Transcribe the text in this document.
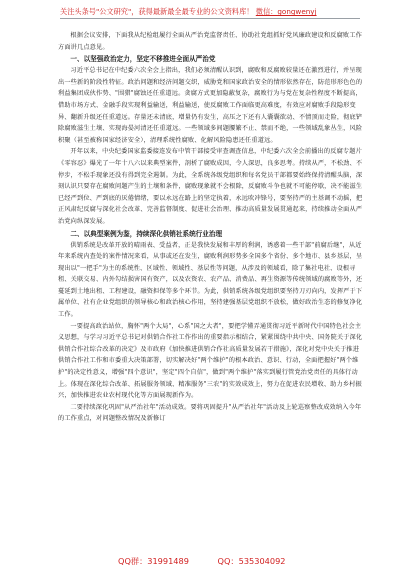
关注头条号"公文研究"，获得最新最全最专业的公文资料库！ 微信：gongwenyj

根据会议安排，下面我从纪检组履行全面从严治党监督责任、协助社党组抓好党风廉政建设和反腐败工作方面讲几点意见。

一、以坚强政治定力，坚定不移推进全面从严治党

习近平总书记在中纪委六次全会上指出，我们必须清醒认识到，腐败和反腐败较量还在激烈进行，并呈现出一些新的阶段性特征。政治问题和经济问题交织，威胁党和国家政治安全的情形依然存在，防范形形色色的利益集团成伙作势、"围猎"腐蚀还任重道远。贪腐方式更加隐蔽复杂，腐败行为与党在复杂性程度不断提高，借助市场方式、金融手段实现利益输送，利益输送，使反腐败工作面临更高难度，有效应对腐败手段隐形变异、翻新升级还任重道远。存量还未清底，增量仍有发生，高压之下还有人囊囊欲动、不情顶而走险，彻底铲除腐败滋生土壤、实现海晏河清还任重道远。一些领域多间题腰繁不止、禁而不绝，一些领域乱象丛生，风险积聚（甚至被称国家经济安全），清理系统性腐败、化解风险隐患还任重道远。

开年以来，中央纪委国家监委接连发布中管干部接受审查调查信息，中纪委六次全会前播出的反腐专题片《零容忍》爆光了一年十八六以来典型案件，剖析了腐败成因，令人深思，良多思考。持续从严，不松劲、不停步，不松手现象还没有得到完全遏制。为此，全系统各级党组织和每名党员干部都要始终保持清醒头脑，深刻认识只要存在腐败问题产生的土壤和条件，腐败现象就不会根除，反腐败斗争也就不可能停歇，决不能滋生已经严到位、严到底的厌倦情绪，要以永远在路上的坚定执着，永远吹冲锋号，要坚持严的主基调不动摇，把正风肃纪反腐与深化社会改革、完善监督制度、促进社会治理、推动高质量发展贯通起来，持续推动全面从严治党向纵深发展。

二、以典型案例为鉴，持续深化供销社系统行业治理

供销系统是改革开放的晴雨表、受益者，正是我快发展和丰厚的利润，诱惑着一些干部"前腐后继"，从近年来系统内查处的案件情况来看，从事或还在发生，腐败利润形势多全国多个省份、多个地市、县乡基层，呈现出以"一把手"为主的系统性、区域性、领域性、基层性等问题，从涉及的领域看，除了集社电社、设根寻租、关联交易、内外勾结损害国有资产，以及农资农、农产品、消费品、再生资源等传统领域的腐败等外，还蔓延到土地出租、工程建设，融资担保等多个环节。为此，供销系统各级党组织要坚持刀刃向内，发挥严于下属单位、社有企业党组织的领导核心和政治核心作用，坚持建强基层党组织不放松，做好政治生态的修复净化工作。

一要提高政治站位，胸怀"两个大局"，心系"国之大者"，要把学懂弄通贯彻习近平新时代中国特色社会主义思想，与学习习近平总书记对供销合作社工作作出的重要指示相结合，紧紧围绕中共中央、国务院关于深化供销合作社综合改革的决定》及市政府《加快推进供销合作社高质量发展若干措施》，深化对党中央关于推进供销合作社工作和市委重大决策部署，切实解决好"两个维护"的根本政治、意识、行动，全面把握好"两个维护"的决定性意义，增强"四个意识"，坚定"四个自信"，做到"两个维护"落实到履行管党治党责任的具体行动上。体现在深化综合改革、拓展服务领域、精准服务"三农"的实效成效上，努力在促进农民增收、助力乡村振兴，加快推进农业农村现代化等方面展现新作为。

二要持续深化巩固"从严治社年"活动成效。要将巩固提升"从严治社年"活动及上轮巡察整改成效纳入今年的工作重点，对问题整改情况及新修订

QQ群：31991489	QQ：535304092
